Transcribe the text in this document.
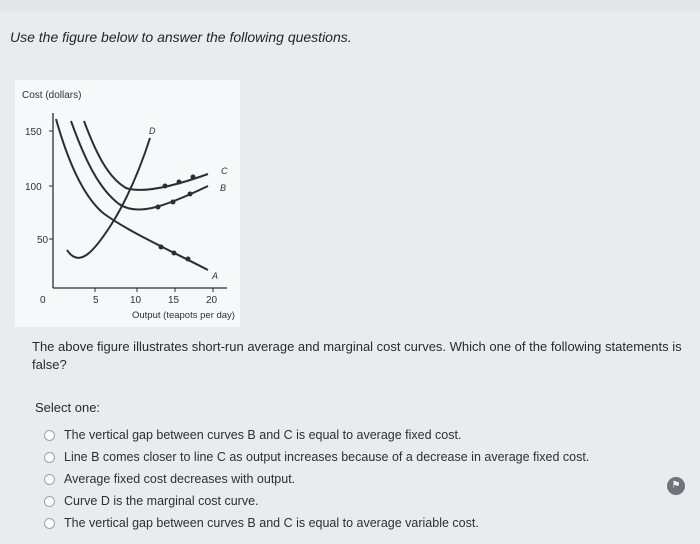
Use the figure below to answer the following questions.
Cost (dollars)
150
100
50
0	5	10	15	20
Output (teapots per day)
A
B
C
D
The above figure illustrates short-run average and marginal cost curves. Which one of the following statements is false?
Select one:
The vertical gap between curves B and C is equal to average fixed cost.
Line B comes closer to line C as output increases because of a decrease in average fixed cost.
Average fixed cost decreases with output.
Curve D is the marginal cost curve.
The vertical gap between curves B and C is equal to average variable cost.
⚑
